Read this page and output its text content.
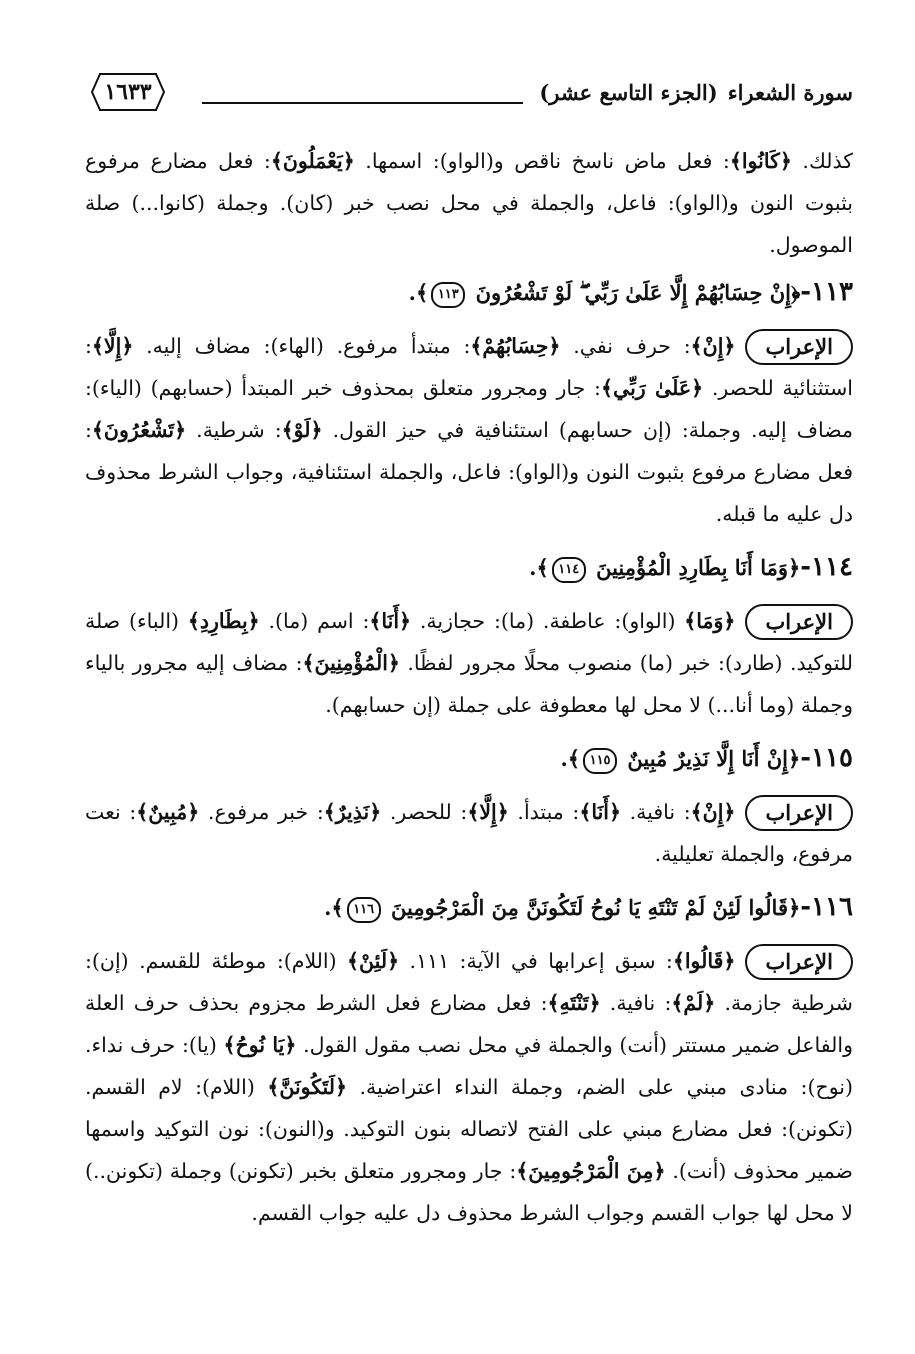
سورة الشعراء(الجزء التاسع عشر)
١٦٣٣

كذلك. ﴿كَانُوا﴾: فعل ماض ناسخ ناقص و(الواو): اسمها. ﴿يَعْمَلُونَ﴾: فعل مضارع مرفوع بثبوت النون و(الواو): فاعل، والجملة في محل نصب خبر (كان). وجملة (كانوا...) صلة الموصول.

١١٣-﴿إِنْ حِسَابُهُمْ إِلَّا عَلَىٰ رَبِّي ۖ لَوْ تَشْعُرُونَ ١١٣﴾.

الإعراب
﴿إِنْ﴾: حرف نفي. ﴿حِسَابُهُمْ﴾: مبتدأ مرفوع. (الهاء): مضاف إليه. ﴿إِلَّا﴾: استثنائية للحصر. ﴿عَلَىٰ رَبِّي﴾: جار ومجرور متعلق بمحذوف خبر المبتدأ (حسابهم) (الياء): مضاف إليه. وجملة: (إن حسابهم) استئنافية في حيز القول. ﴿لَوْ﴾: شرطية. ﴿تَشْعُرُونَ﴾: فعل مضارع مرفوع بثبوت النون و(الواو): فاعل، والجملة استئنافية، وجواب الشرط محذوف دل عليه ما قبله.

١١٤-﴿وَمَا أَنَا بِطَارِدِ الْمُؤْمِنِينَ ١١٤﴾.

الإعراب
﴿وَمَا﴾ (الواو): عاطفة. (ما): حجازية. ﴿أَنَا﴾: اسم (ما). ﴿بِطَارِدِ﴾ (الباء) صلة للتوكيد. (طارد): خبر (ما) منصوب محلًا مجرور لفظًا. ﴿الْمُؤْمِنِينَ﴾: مضاف إليه مجرور بالياء وجملة (وما أنا...) لا محل لها معطوفة على جملة (إن حسابهم).

١١٥-﴿إِنْ أَنَا إِلَّا نَذِيرٌ مُبِينٌ ١١٥﴾.

الإعراب
﴿إِنْ﴾: نافية. ﴿أَنَا﴾: مبتدأ. ﴿إِلَّا﴾: للحصر. ﴿نَذِيرٌ﴾: خبر مرفوع. ﴿مُبِينٌ﴾: نعت مرفوع، والجملة تعليلية.

١١٦-﴿قَالُوا لَئِنْ لَمْ تَنْتَهِ يَا نُوحُ لَتَكُونَنَّ مِنَ الْمَرْجُومِينَ ١١٦﴾.

الإعراب
﴿قَالُوا﴾: سبق إعرابها في الآية: ١١١. ﴿لَئِنْ﴾ (اللام): موطئة للقسم. (إن): شرطية جازمة. ﴿لَمْ﴾: نافية. ﴿تَنْتَهِ﴾: فعل مضارع فعل الشرط مجزوم بحذف حرف العلة والفاعل ضمير مستتر (أنت) والجملة في محل نصب مقول القول. ﴿يَا نُوحُ﴾ (يا): حرف نداء. (نوح): منادى مبني على الضم، وجملة النداء اعتراضية. ﴿لَتَكُونَنَّ﴾ (اللام): لام القسم. (تكونن): فعل مضارع مبني على الفتح لاتصاله بنون التوكيد. و(النون): نون التوكيد واسمها ضمير محذوف (أنت). ﴿مِنَ الْمَرْجُومِينَ﴾: جار ومجرور متعلق بخبر (تكونن) وجملة (تكونن..) لا محل لها جواب القسم وجواب الشرط محذوف دل عليه جواب القسم.
